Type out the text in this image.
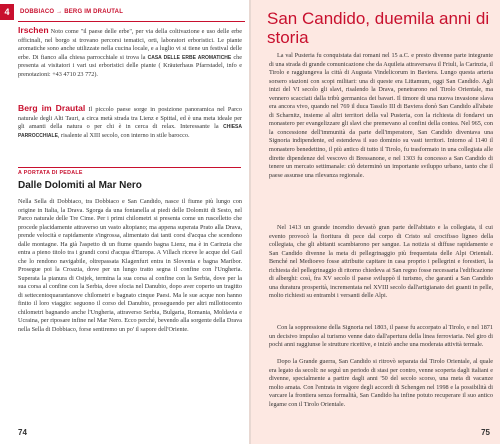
4	DOBBIACO → BERG IM DRAUTAL
Irschen Noto come "il paese delle erbe", per via della coltivazione e uso delle erbe officinali, nel borgo si trovano percorsi tematici, orti, laboratori erboristici. Le piante aromatiche sono anche utilizzate nella cucina locale, e a luglio vi si tiene un festival delle erbe. Di fianco alla chiesa parrocchiale si trova la CASA DELLE ERBE AROMATICHE che presenta ai visitatori i vari usi erboristici delle piante ( Kräuterhaus Pfarrstadel, info e prenotazioni: +43 4710 23 772).
Berg im Drautal Il piccolo paese sorge in posizione panoramica nel Parco naturale degli Alti Tauri, a circa metà strada tra Lienz e Spittal, ed è una meta ideale per gli amanti della natura o per chi è in cerca di relax. Interessante la CHIESA PARROCCHIALE, risalente al XIII secolo, con interno in stile barocco.
A PORTATA DI PEDALE
Dalle Dolomiti al Mar Nero
Nella Sella di Dobbiaco, tra Dobbiaco e San Candido, nasce il fiume più lungo con origine in Italia, la Drava. Sgorga da una fontanella ai piedi delle Dolomiti di Sesto, nel Parco naturale delle Tre Cime. Per i primi chilometri si presenta come un ruscelletto che procede placidamente attraverso un vasto altopiano; ma appena superata Prato alla Drava, prende velocità e rapidamente s'ingrossa, alimentato dai tanti corsi d'acqua che scendono dalle montagne. Ha già l'aspetto di un fiume quando bagna Lienz, ma è in Carinzia che entra a pieno titolo tra i grandi corsi d'acqua d'Europa. A Villach riceve le acque del Gail che lo rendono navigabile, oltrepassata Klagenfurt entra in Slovenia e bagna Maribor. Prosegue poi la Croazia, dove per un lungo tratto segna il confine con l'Ungheria. Superata la pianura di Osijek, termina la sua corsa al confine con la Serbia, dove per la sua corsa al confine con la Serbia, dove sfocia nel Danubio, dopo aver coperto un tragitto di settecentoquarantanove chilometri e bagnato cinque Paesi. Ma le sue acque non hanno finito il loro viaggio: seguono il corso del Danubio, proseguendo per altri millottocento chilometri bagnando anche l'Ungheria, attraverso Serbia, Bulgaria, Romania, Moldavia e Ucraina, per riposare infine nel Mar Nero. Ecco perché, bevendo alla sorgente della Drava nella Sella di Dobbiaco, forse sentiremo un po' il sapore dell'Oriente.
74
San Candido, duemila anni di storia
La val Pusteria fu conquistata dai romani nel 15 a.C. e presto divenne parte integrante di una strada di grande comunicazione che da Aquileia attraversava il Friuli, la Carinzia, il Tirolo e raggiungeva la città di Augusta Vindelicorum in Baviera. Lungo questa arteria sorsero stazioni con scopi militari: una di queste era Littamum, oggi San Candido. Agli inizi del VI secolo gli slavi, risalendo la Drava, penetrarono nel Tirolo Orientale, ma vennero scacciati dalla tribù germanica dei bavari. Il timore di una nuova invasione slava era ancora vivo, quando nel 769 il duca Tassilo III di Baviera donò San Candido all'abate di Scharnitz, insieme al altri territori della val Pusteria, con la richiesta di fondarvi un monastero per evangelizzare gli slavi che premevano al confini della contea. Nel 965, con la concessione dell'immunità da parte dell'imperatore, San Candido diventava una Signoria indipendente, ed estendeva il suo dominio su vasti territori. Intorno al 1140 il monastero benedettino, il più antico di tutto il Tirolo, fu trasformato in una collegiata alle dirette dipendenze del vescovo di Bressanone, e nel 1303 fu concesso a San Candido di tenere un mercato settimanale: ciò determinò un importante sviluppo urbano, tanto che il paese assunse una rilevanza regionale.
Nel 1413 un grande incendio devastò gran parte dell'abitato e la collegiata, il cui evento provocò la fioritura di pece dal corpo di Cristo sul crocifisso ligneo della collegiata, che gli abitanti scambiarono per sangue. La notizia si diffuse rapidamente e San Candido divenne la meta di pellegrinaggio più frequentata delle Alpi Orientali. Benché nel Medioevo fosse attribuite capitare in casa proprio i pellegrini e forestieri, la richiesta del pellegrinaggio di ritorno chiedeva ai San regno fosse necessaria l'edificazione di alberghi: così, fra XV secolo il paese sviluppò il turismo, che garantì a San Candido una duratura prosperità, incrementata nel XVIII secolo dall'artigianato dei guanti in pelle, molto richiesti su entrambi i versanti delle Alpi.
Con la soppressione della Signoria nel 1803, il paese fu accorpato al Tirolo, e nel 1871 un decisivo impulso al turismo venne dato dall'apertura della linea ferroviaria. Nel giro di pochi anni raggiunse le strutture ricettive, e iniziò anche una moderata attività termale.
Dopo la Grande guerra, San Candido si ritrovò separata dal Tirolo Orientale, al quale era legato da secoli: ne seguì un periodo di stasi per contro, venne scoperta dagli italiani e divenne, specialmente a partire dagli anni '50 del secolo scorso, una meta di vacanze molto amata. Con l'entrata in vigore degli accordi di Schengen nel 1998 e la possibilità di varcare la frontiera senza formalità, San Candido ha infine potuto recuperare il suo antico legame con il Tirolo Orientale.
75
